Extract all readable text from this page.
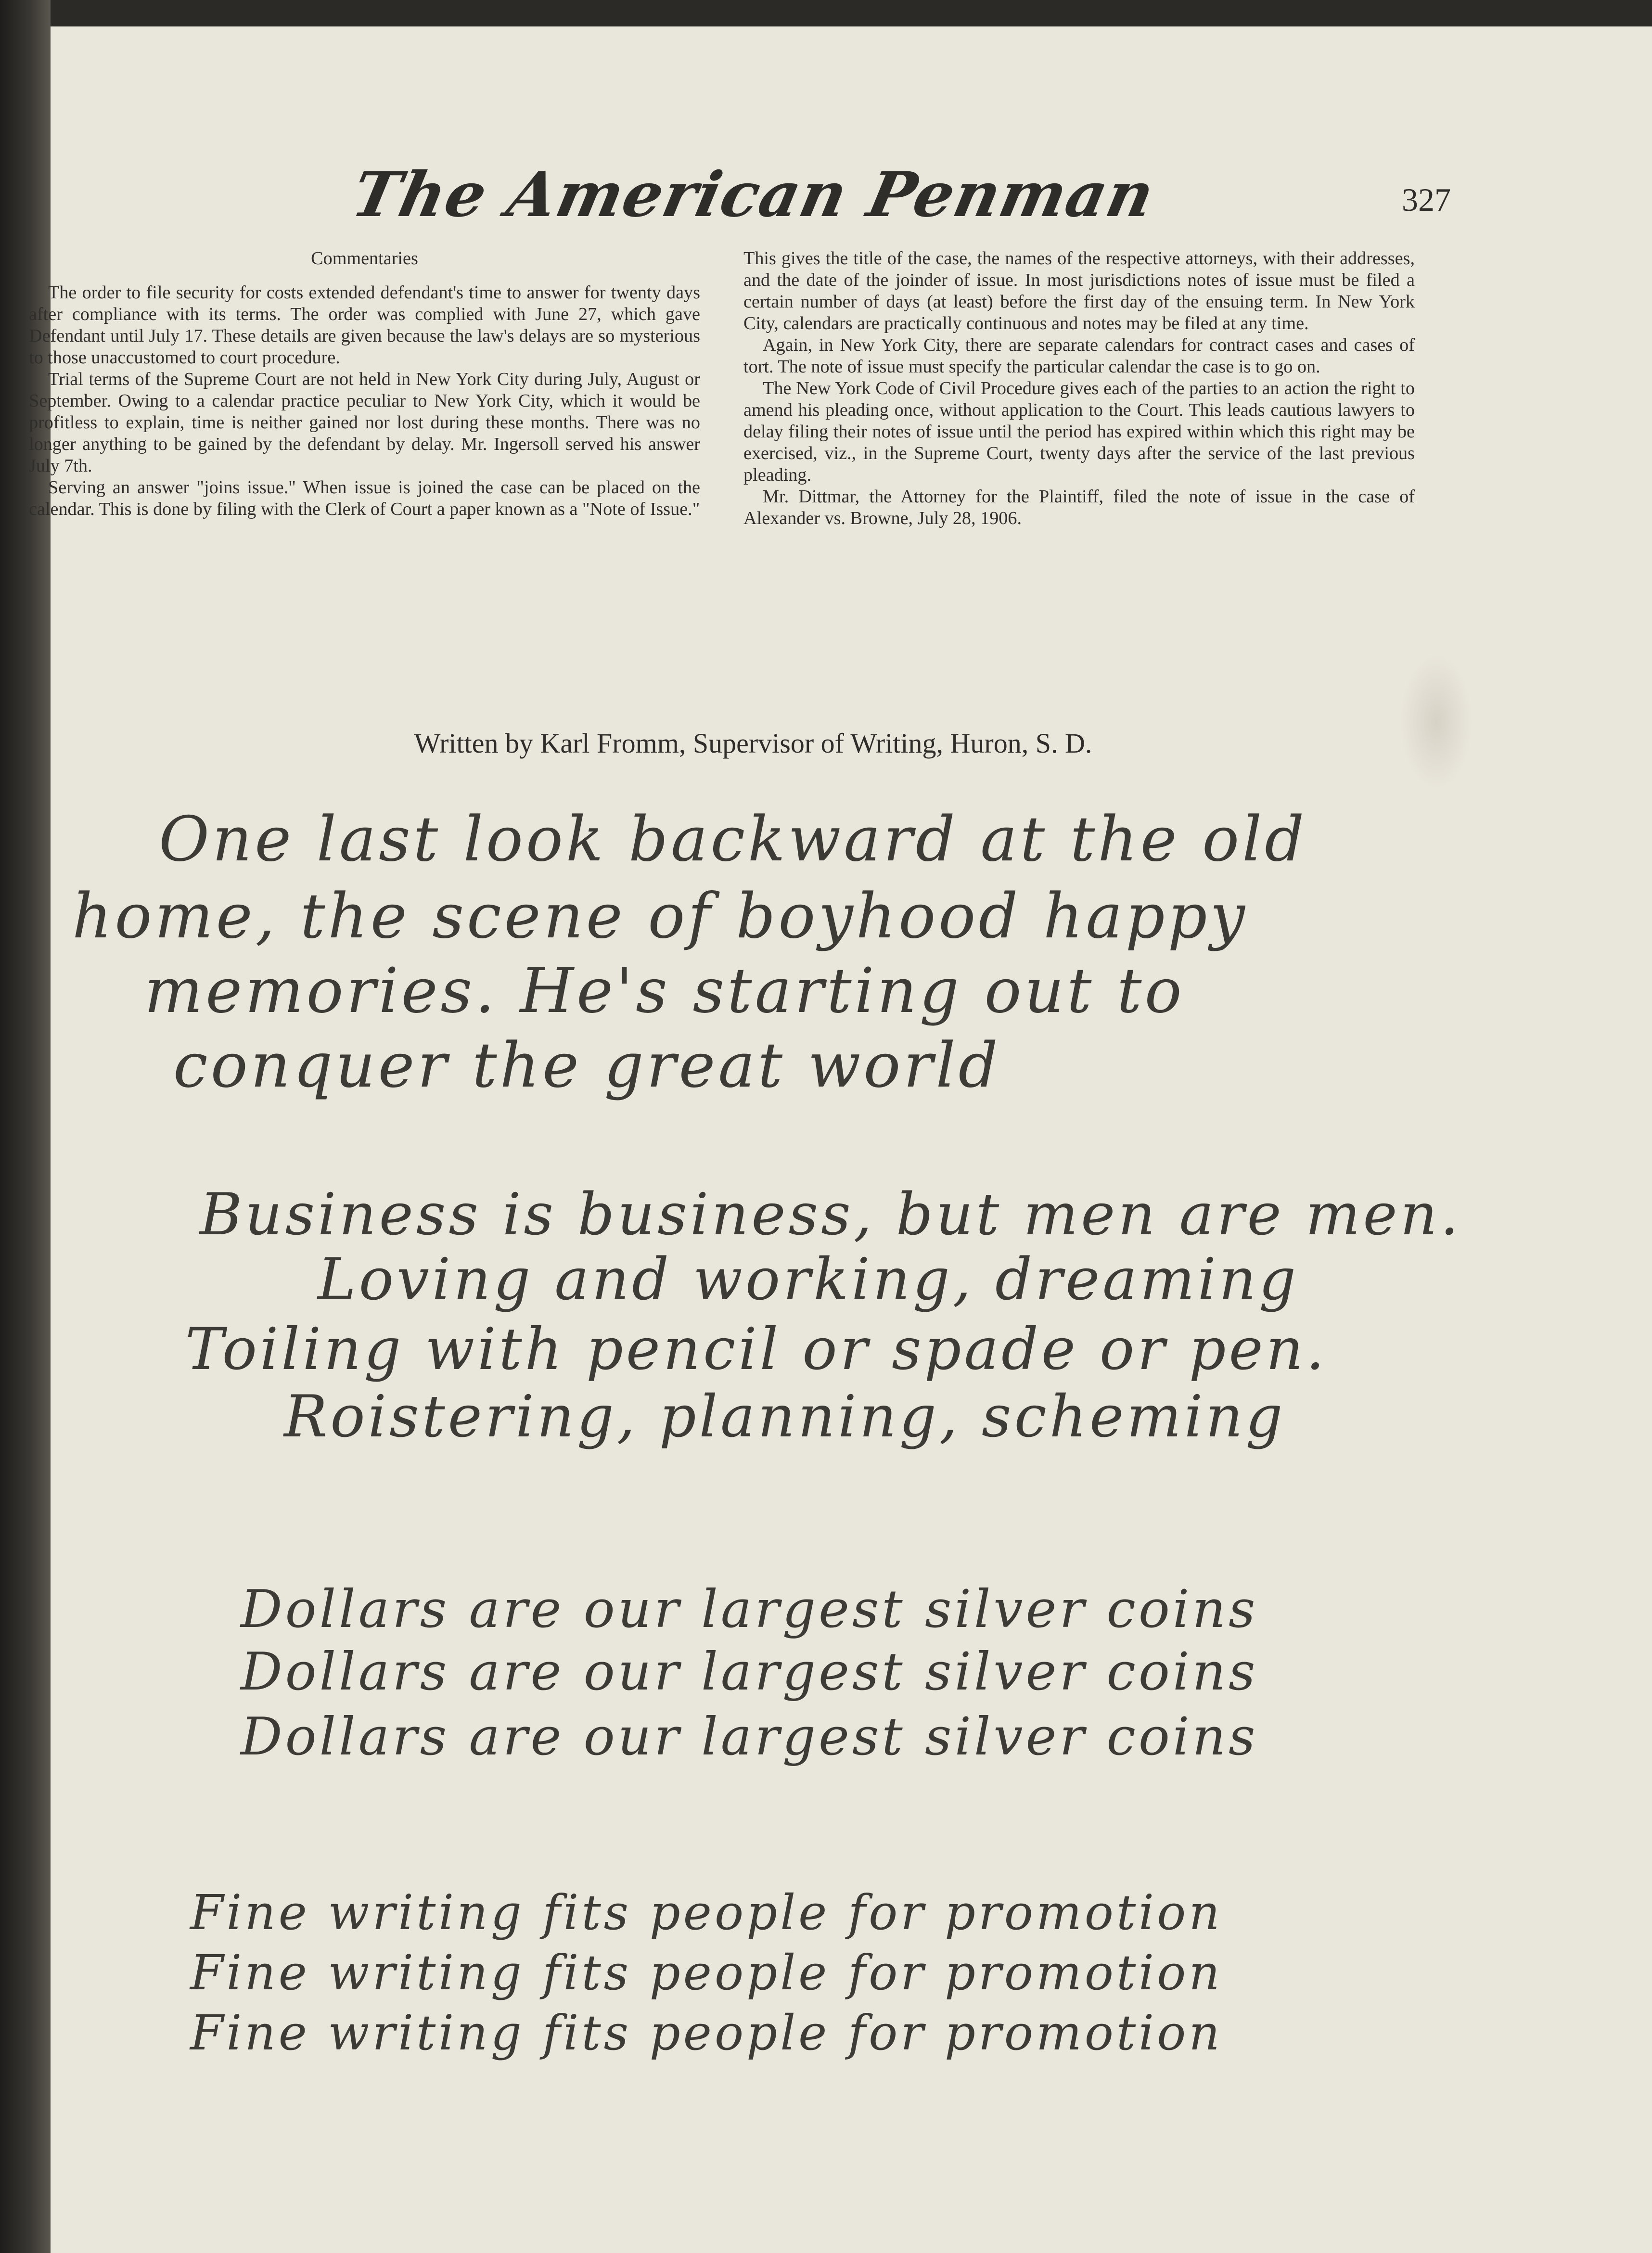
The American Penman	327

Commentaries

The order to file security for costs extended defendant's time to answer for twenty days after compliance with its terms. The order was complied with June 27, which gave Defendant until July 17. These details are given because the law's delays are so mysterious to those unaccustomed to court procedure.

Trial terms of the Supreme Court are not held in New York City during July, August or September. Owing to a calendar practice peculiar to New York City, which it would be profitless to explain, time is neither gained nor lost during these months. There was no longer anything to be gained by the defendant by delay. Mr. Ingersoll served his answer July 7th.

Serving an answer "joins issue." When issue is joined the case can be placed on the calendar. This is done by filing with the Clerk of Court a paper known as a "Note of Issue."

This gives the title of the case, the names of the respective attorneys, with their addresses, and the date of the joinder of issue. In most jurisdictions notes of issue must be filed a certain number of days (at least) before the first day of the ensuing term. In New York City, calendars are practically continuous and notes may be filed at any time.

Again, in New York City, there are separate calendars for contract cases and cases of tort. The note of issue must specify the particular calendar the case is to go on.

The New York Code of Civil Procedure gives each of the parties to an action the right to amend his pleading once, without application to the Court. This leads cautious lawyers to delay filing their notes of issue until the period has expired within which this right may be exercised, viz., in the Supreme Court, twenty days after the service of the last previous pleading.

Mr. Dittmar, the Attorney for the Plaintiff, filed the note of issue in the case of Alexander vs. Browne, July 28, 1906.

Written by Karl Fromm, Supervisor of Writing, Huron, S. D.
One last look backward at the old
home, the scene of boyhood happy
memories. He's starting out to
conquer the great world
Business is business, but men are men.
Loving and working, dreaming
Toiling with pencil or spade or pen.
Roistering, planning, scheming
Dollars are our largest silver coins
Dollars are our largest silver coins
Dollars are our largest silver coins
Fine writing fits people for promotion
Fine writing fits people for promotion
Fine writing fits people for promotion
